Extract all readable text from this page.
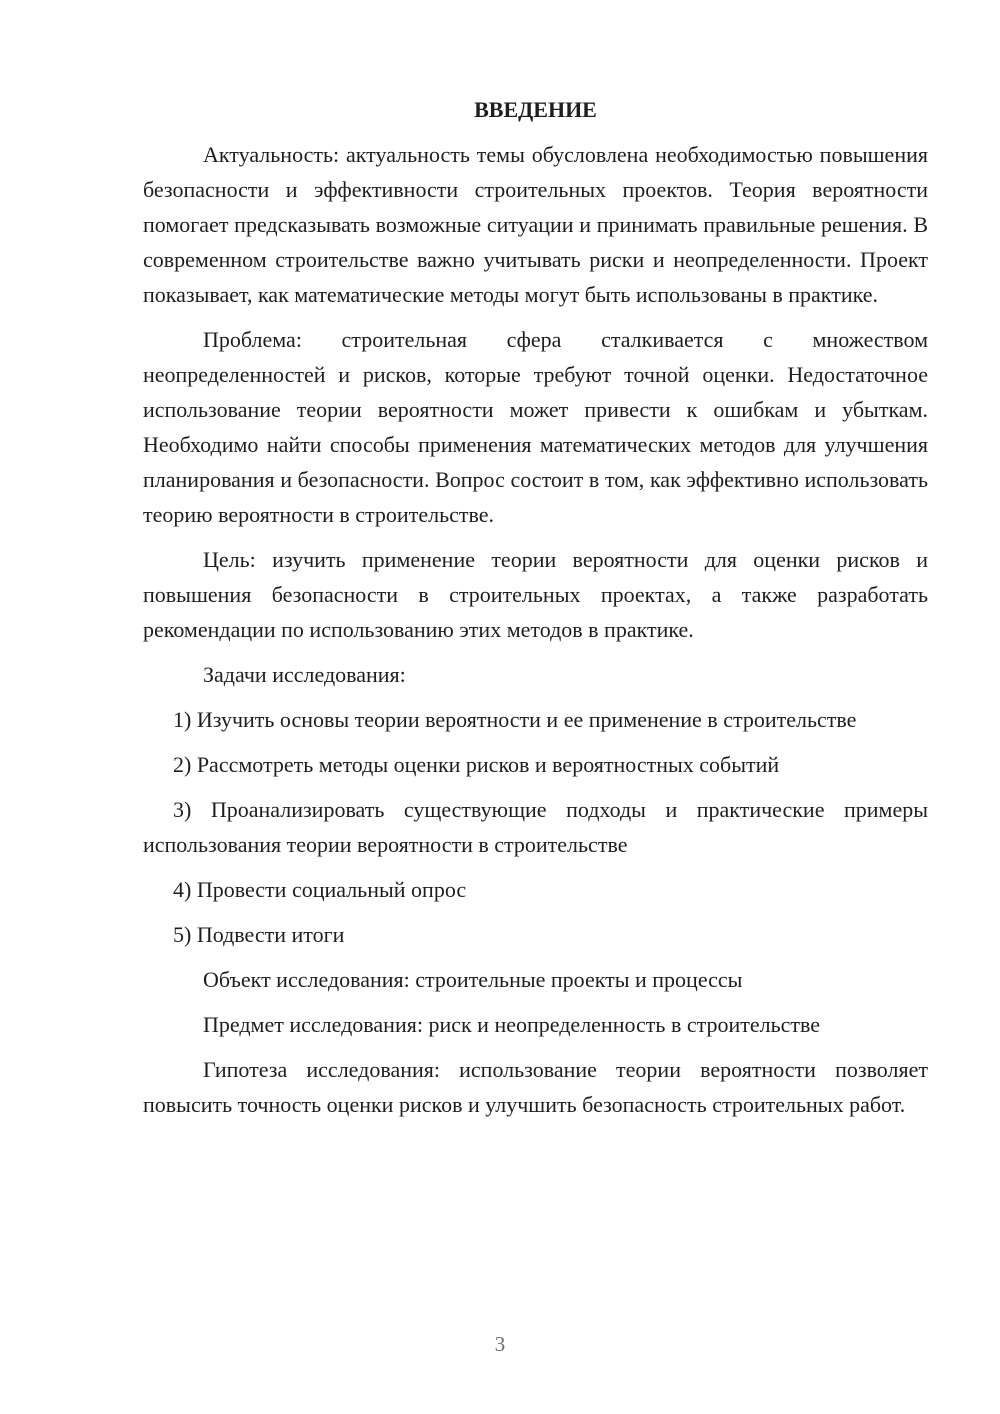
ВВЕДЕНИЕ

Актуальность: актуальность темы обусловлена необходимостью повышения безопасности и эффективности строительных проектов. Теория вероятности помогает предсказывать возможные ситуации и принимать правильные решения. В современном строительстве важно учитывать риски и неопределенности. Проект показывает, как математические методы могут быть использованы в практике.

Проблема: строительная сфера сталкивается с множеством неопределенностей и рисков, которые требуют точной оценки. Недостаточное использование теории вероятности может привести к ошибкам и убыткам. Необходимо найти способы применения математических методов для улучшения планирования и безопасности. Вопрос состоит в том, как эффективно использовать теорию вероятности в строительстве.

Цель: изучить применение теории вероятности для оценки рисков и повышения безопасности в строительных проектах, а также разработать рекомендации по использованию этих методов в практике.

Задачи исследования:

1) Изучить основы теории вероятности и ее применение в строительстве

2) Рассмотреть методы оценки рисков и вероятностных событий

3) Проанализировать существующие подходы и практические примеры использования теории вероятности в строительстве

4) Провести социальный опрос

5) Подвести итоги

Объект исследования: строительные проекты и процессы

Предмет исследования: риск и неопределенность в строительстве

Гипотеза исследования: использование теории вероятности позволяет повысить точность оценки рисков и улучшить безопасность строительных работ.

3
